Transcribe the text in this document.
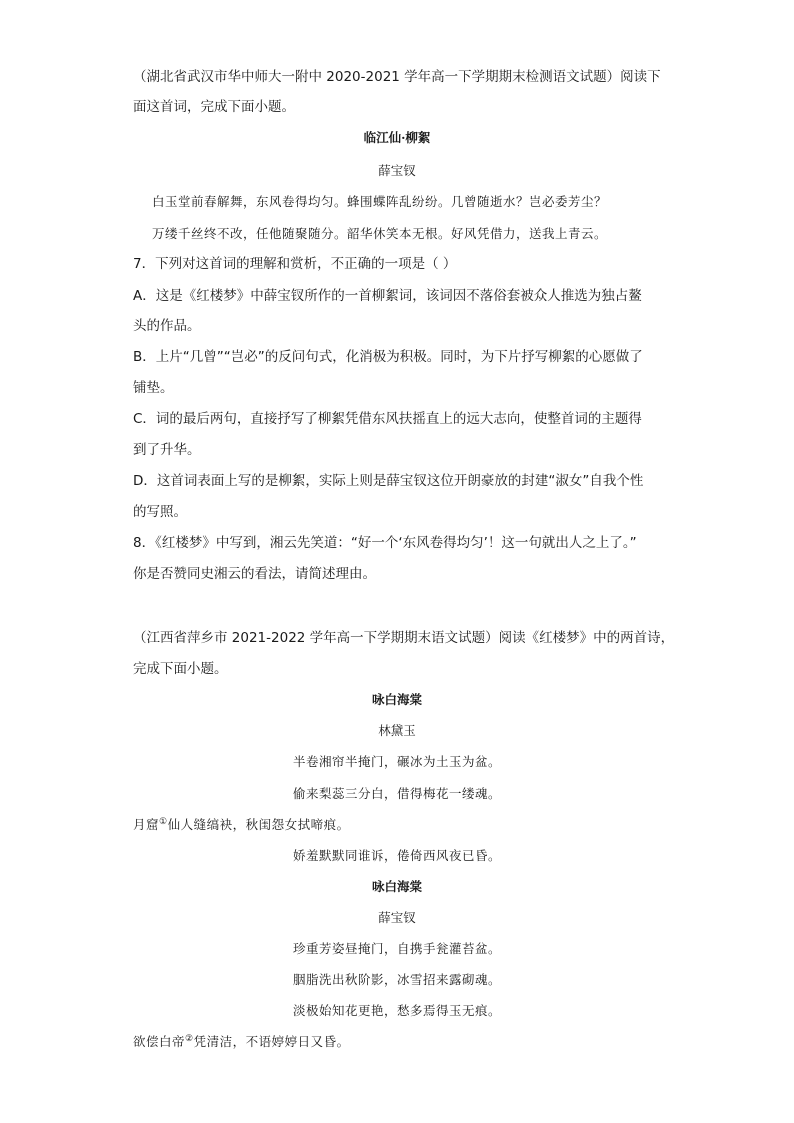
（湖北省武汉市华中师大一附中 2020-2021 学年高一下学期期末检测语文试题）阅读下
面这首词，完成下面小题。
临江仙·柳絮
薛宝钗
白玉堂前春解舞，东风卷得均匀。蜂围蝶阵乱纷纷。几曾随逝水？岂必委芳尘？
万缕千丝终不改，任他随聚随分。韶华休笑本无根。好风凭借力，送我上青云。
7．下列对这首词的理解和赏析，不正确的一项是（ ）
A．这是《红楼梦》中薛宝钗所作的一首柳絮词，该词因不落俗套被众人推选为独占鳌
头的作品。
B．上片“几曾”“岂必”的反问句式，化消极为积极。同时，为下片抒写柳絮的心愿做了
铺垫。
C．词的最后两句，直接抒写了柳絮凭借东风扶摇直上的远大志向，使整首词的主题得
到了升华。
D．这首词表面上写的是柳絮，实际上则是薛宝钗这位开朗豪放的封建“淑女”自我个性
的写照。
8．《红楼梦》中写到，湘云先笑道：“好一个‘东风卷得均匀’！这一句就出人之上了。”
你是否赞同史湘云的看法，请简述理由。
（江西省萍乡市 2021-2022 学年高一下学期期末语文试题）阅读《红楼梦》中的两首诗，
完成下面小题。
咏白海棠
林黛玉
半卷湘帘半掩门，碾冰为土玉为盆。
偷来梨蕊三分白，借得梅花一缕魂。
月窟①仙人缝缟袂，秋闺怨女拭啼痕。
娇羞默默同谁诉，倦倚西风夜已昏。
咏白海棠
薛宝钗
珍重芳姿昼掩门，自携手瓮灌苔盆。
胭脂洗出秋阶影，冰雪招来露砌魂。
淡极始知花更艳，愁多焉得玉无痕。
欲偿白帝②凭清洁，不语婷婷日又昏。
